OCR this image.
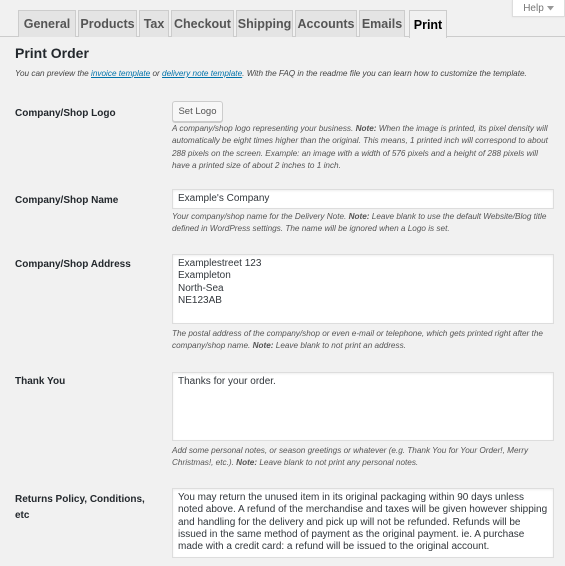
General Products Tax Checkout Shipping Accounts Emails Print
Help
Print Order
You can preview the invoice template or delivery note template. With the FAQ in the readme file you can learn how to customize the template.
Company/Shop Logo	Set Logo
A company/shop logo representing your business. Note: When the image is printed, its pixel density will automatically be eight times higher than the original. This means, 1 printed inch will correspond to about 288 pixels on the screen. Example: an image with a width of 576 pixels and a height of 288 pixels will have a printed size of about 2 inches to 1 inch.
Company/Shop Name	Example's Company
Your company/shop name for the Delivery Note. Note: Leave blank to use the default Website/Blog title defined in WordPress settings. The name will be ignored when a Logo is set.
Company/Shop Address	Examplestreet 123
Exampleton
North-Sea
NE123AB
The postal address of the company/shop or even e-mail or telephone, which gets printed right after the company/shop name. Note: Leave blank to not print an address.
Thank You	Thanks for your order.
Add some personal notes, or season greetings or whatever (e.g. Thank You for Your Order!, Merry Christmas!, etc.). Note: Leave blank to not print any personal notes.
Returns Policy, Conditions, etc
You may return the unused item in its original packaging within 90 days unless noted above. A refund of the merchandise and taxes will be given however shipping and handling for the delivery and pick up will not be refunded. Refunds will be issued in the same method of payment as the original payment. ie. A purchase made with a credit card: a refund will be issued to the original account.
